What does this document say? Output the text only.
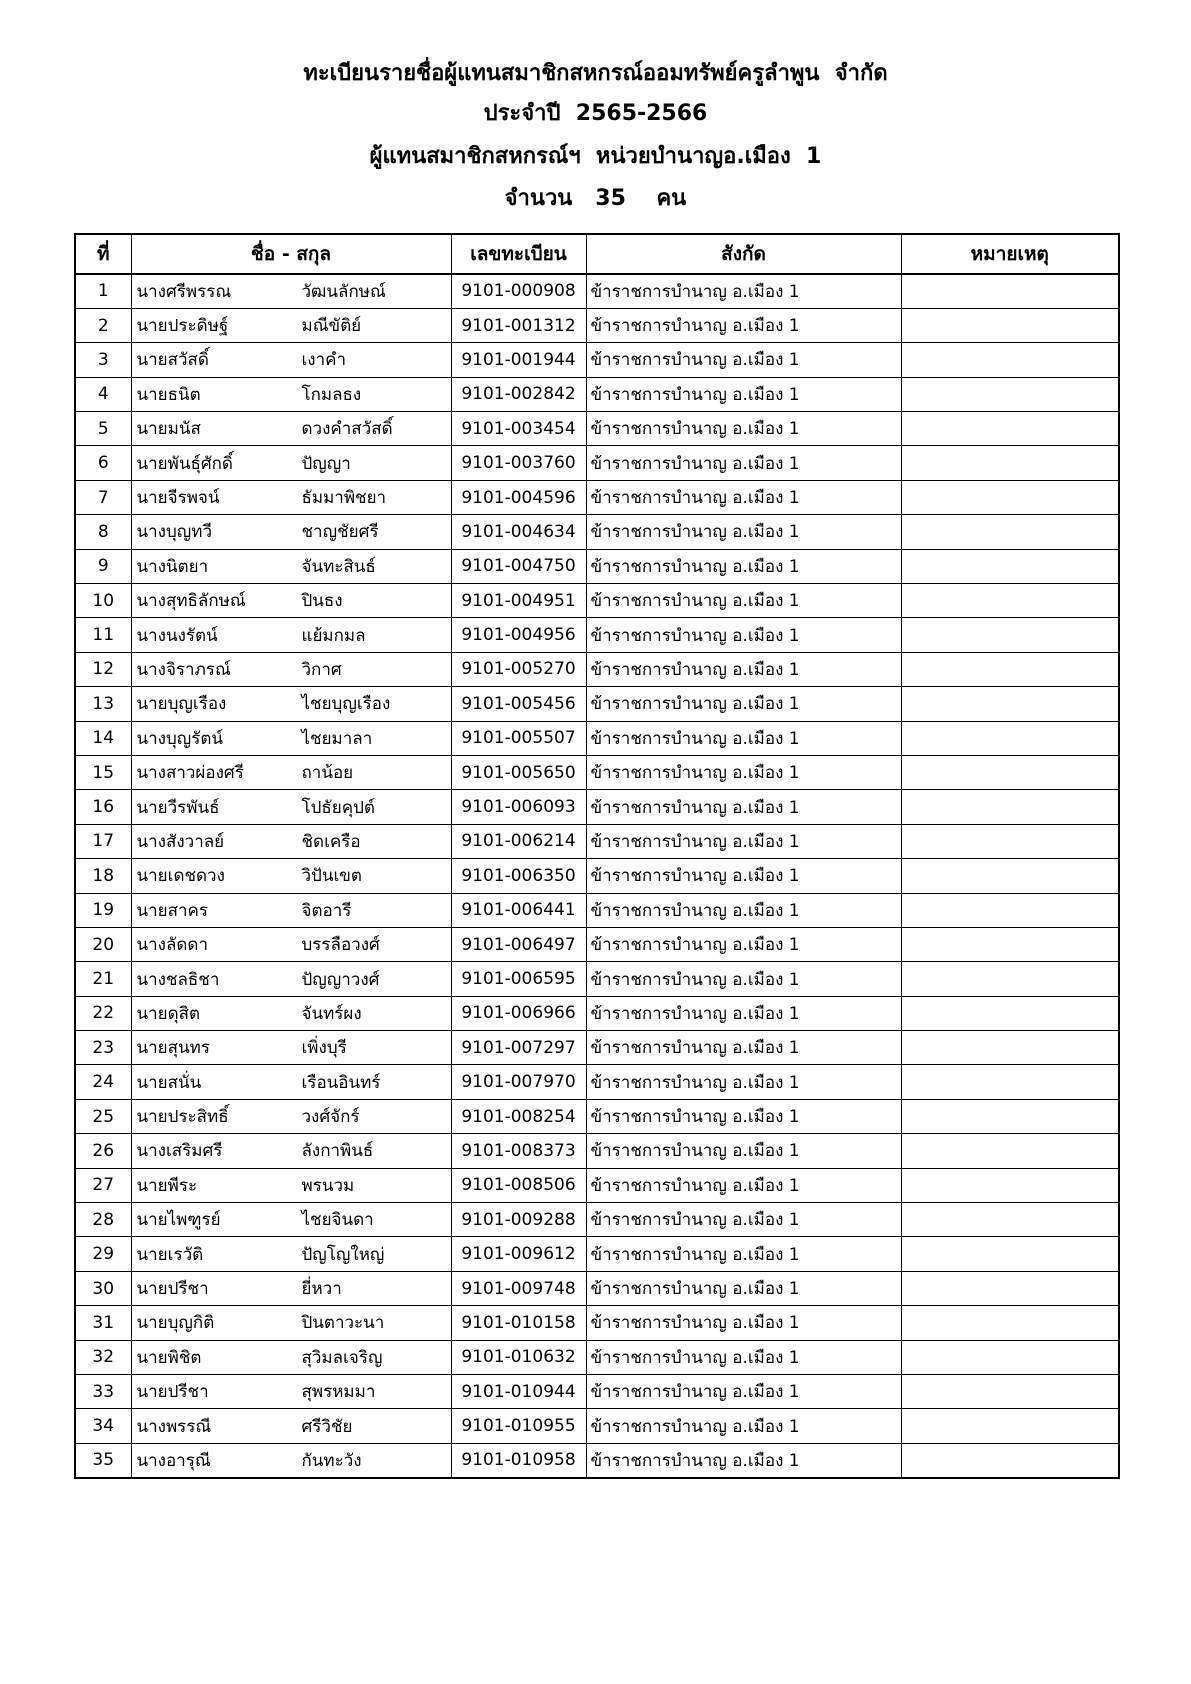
ทะเบียนรายชื่อผู้แทนสมาชิกสหกรณ์ออมทรัพย์ครูลำพูน  จำกัด
ประจำปี  2565-2566
ผู้แทนสมาชิกสหกรณ์ฯ  หน่วยบำนาญอ.เมือง  1
จำนวน   35    คน
ที่	ชื่อ - สกุล	เลขทะเบียน	สังกัด	หมายเหตุ
1	นางศรีพรรณ วัฒนลักษณ์	9101-000908	ข้าราชการบำนาญ อ.เมือง 1	
2	นายประดิษฐ์ มณีขัติย์	9101-001312	ข้าราชการบำนาญ อ.เมือง 1	
3	นายสวัสดิ์ เงาคำ	9101-001944	ข้าราชการบำนาญ อ.เมือง 1	
4	นายธนิต โกมลธง	9101-002842	ข้าราชการบำนาญ อ.เมือง 1	
5	นายมนัส ดวงคำสวัสดิ์	9101-003454	ข้าราชการบำนาญ อ.เมือง 1	
6	นายพันธุ์ศักดิ์ ปัญญา	9101-003760	ข้าราชการบำนาญ อ.เมือง 1	
7	นายจีรพจน์ ธัมมาพิชยา	9101-004596	ข้าราชการบำนาญ อ.เมือง 1	
8	นางบุญทวี ชาญชัยศรี	9101-004634	ข้าราชการบำนาญ อ.เมือง 1	
9	นางนิตยา จันทะสินธ์	9101-004750	ข้าราชการบำนาญ อ.เมือง 1	
10	นางสุทธิลักษณ์ ปินธง	9101-004951	ข้าราชการบำนาญ อ.เมือง 1	
11	นางนงรัตน์ แย้มกมล	9101-004956	ข้าราชการบำนาญ อ.เมือง 1	
12	นางจิราภรณ์ วิกาศ	9101-005270	ข้าราชการบำนาญ อ.เมือง 1	
13	นายบุญเรือง ไชยบุญเรือง	9101-005456	ข้าราชการบำนาญ อ.เมือง 1	
14	นางบุญรัตน์ ไชยมาลา	9101-005507	ข้าราชการบำนาญ อ.เมือง 1	
15	นางสาวผ่องศรี ถาน้อย	9101-005650	ข้าราชการบำนาญ อ.เมือง 1	
16	นายวีรพันธ์ โปธัยคุปต์	9101-006093	ข้าราชการบำนาญ อ.เมือง 1	
17	นางสังวาลย์ ชิดเครือ	9101-006214	ข้าราชการบำนาญ อ.เมือง 1	
18	นายเดชดวง วิปันเขต	9101-006350	ข้าราชการบำนาญ อ.เมือง 1	
19	นายสาคร จิตอารี	9101-006441	ข้าราชการบำนาญ อ.เมือง 1	
20	นางลัดดา บรรลือวงศ์	9101-006497	ข้าราชการบำนาญ อ.เมือง 1	
21	นางชลธิชา ปัญญาวงศ์	9101-006595	ข้าราชการบำนาญ อ.เมือง 1	
22	นายดุสิต จันทร์ผง	9101-006966	ข้าราชการบำนาญ อ.เมือง 1	
23	นายสุนทร เพิ่งบุรี	9101-007297	ข้าราชการบำนาญ อ.เมือง 1	
24	นายสนั่น เรือนอินทร์	9101-007970	ข้าราชการบำนาญ อ.เมือง 1	
25	นายประสิทธิ์ วงศ์จักร์	9101-008254	ข้าราชการบำนาญ อ.เมือง 1	
26	นางเสริมศรี ลังกาพินธ์	9101-008373	ข้าราชการบำนาญ อ.เมือง 1	
27	นายพีระ พรนวม	9101-008506	ข้าราชการบำนาญ อ.เมือง 1	
28	นายไพฑูรย์ ไชยจินดา	9101-009288	ข้าราชการบำนาญ อ.เมือง 1	
29	นายเรวัติ ปัญโญใหญ่	9101-009612	ข้าราชการบำนาญ อ.เมือง 1	
30	นายปรีชา ยี่หวา	9101-009748	ข้าราชการบำนาญ อ.เมือง 1	
31	นายบุญกิติ ปินตาวะนา	9101-010158	ข้าราชการบำนาญ อ.เมือง 1	
32	นายพิชิต สุวิมลเจริญ	9101-010632	ข้าราชการบำนาญ อ.เมือง 1	
33	นายปรีชา สุพรหมมา	9101-010944	ข้าราชการบำนาญ อ.เมือง 1	
34	นางพรรณี ศรีวิชัย	9101-010955	ข้าราชการบำนาญ อ.เมือง 1	
35	นางอารุณี กันทะวัง	9101-010958	ข้าราชการบำนาญ อ.เมือง 1	
